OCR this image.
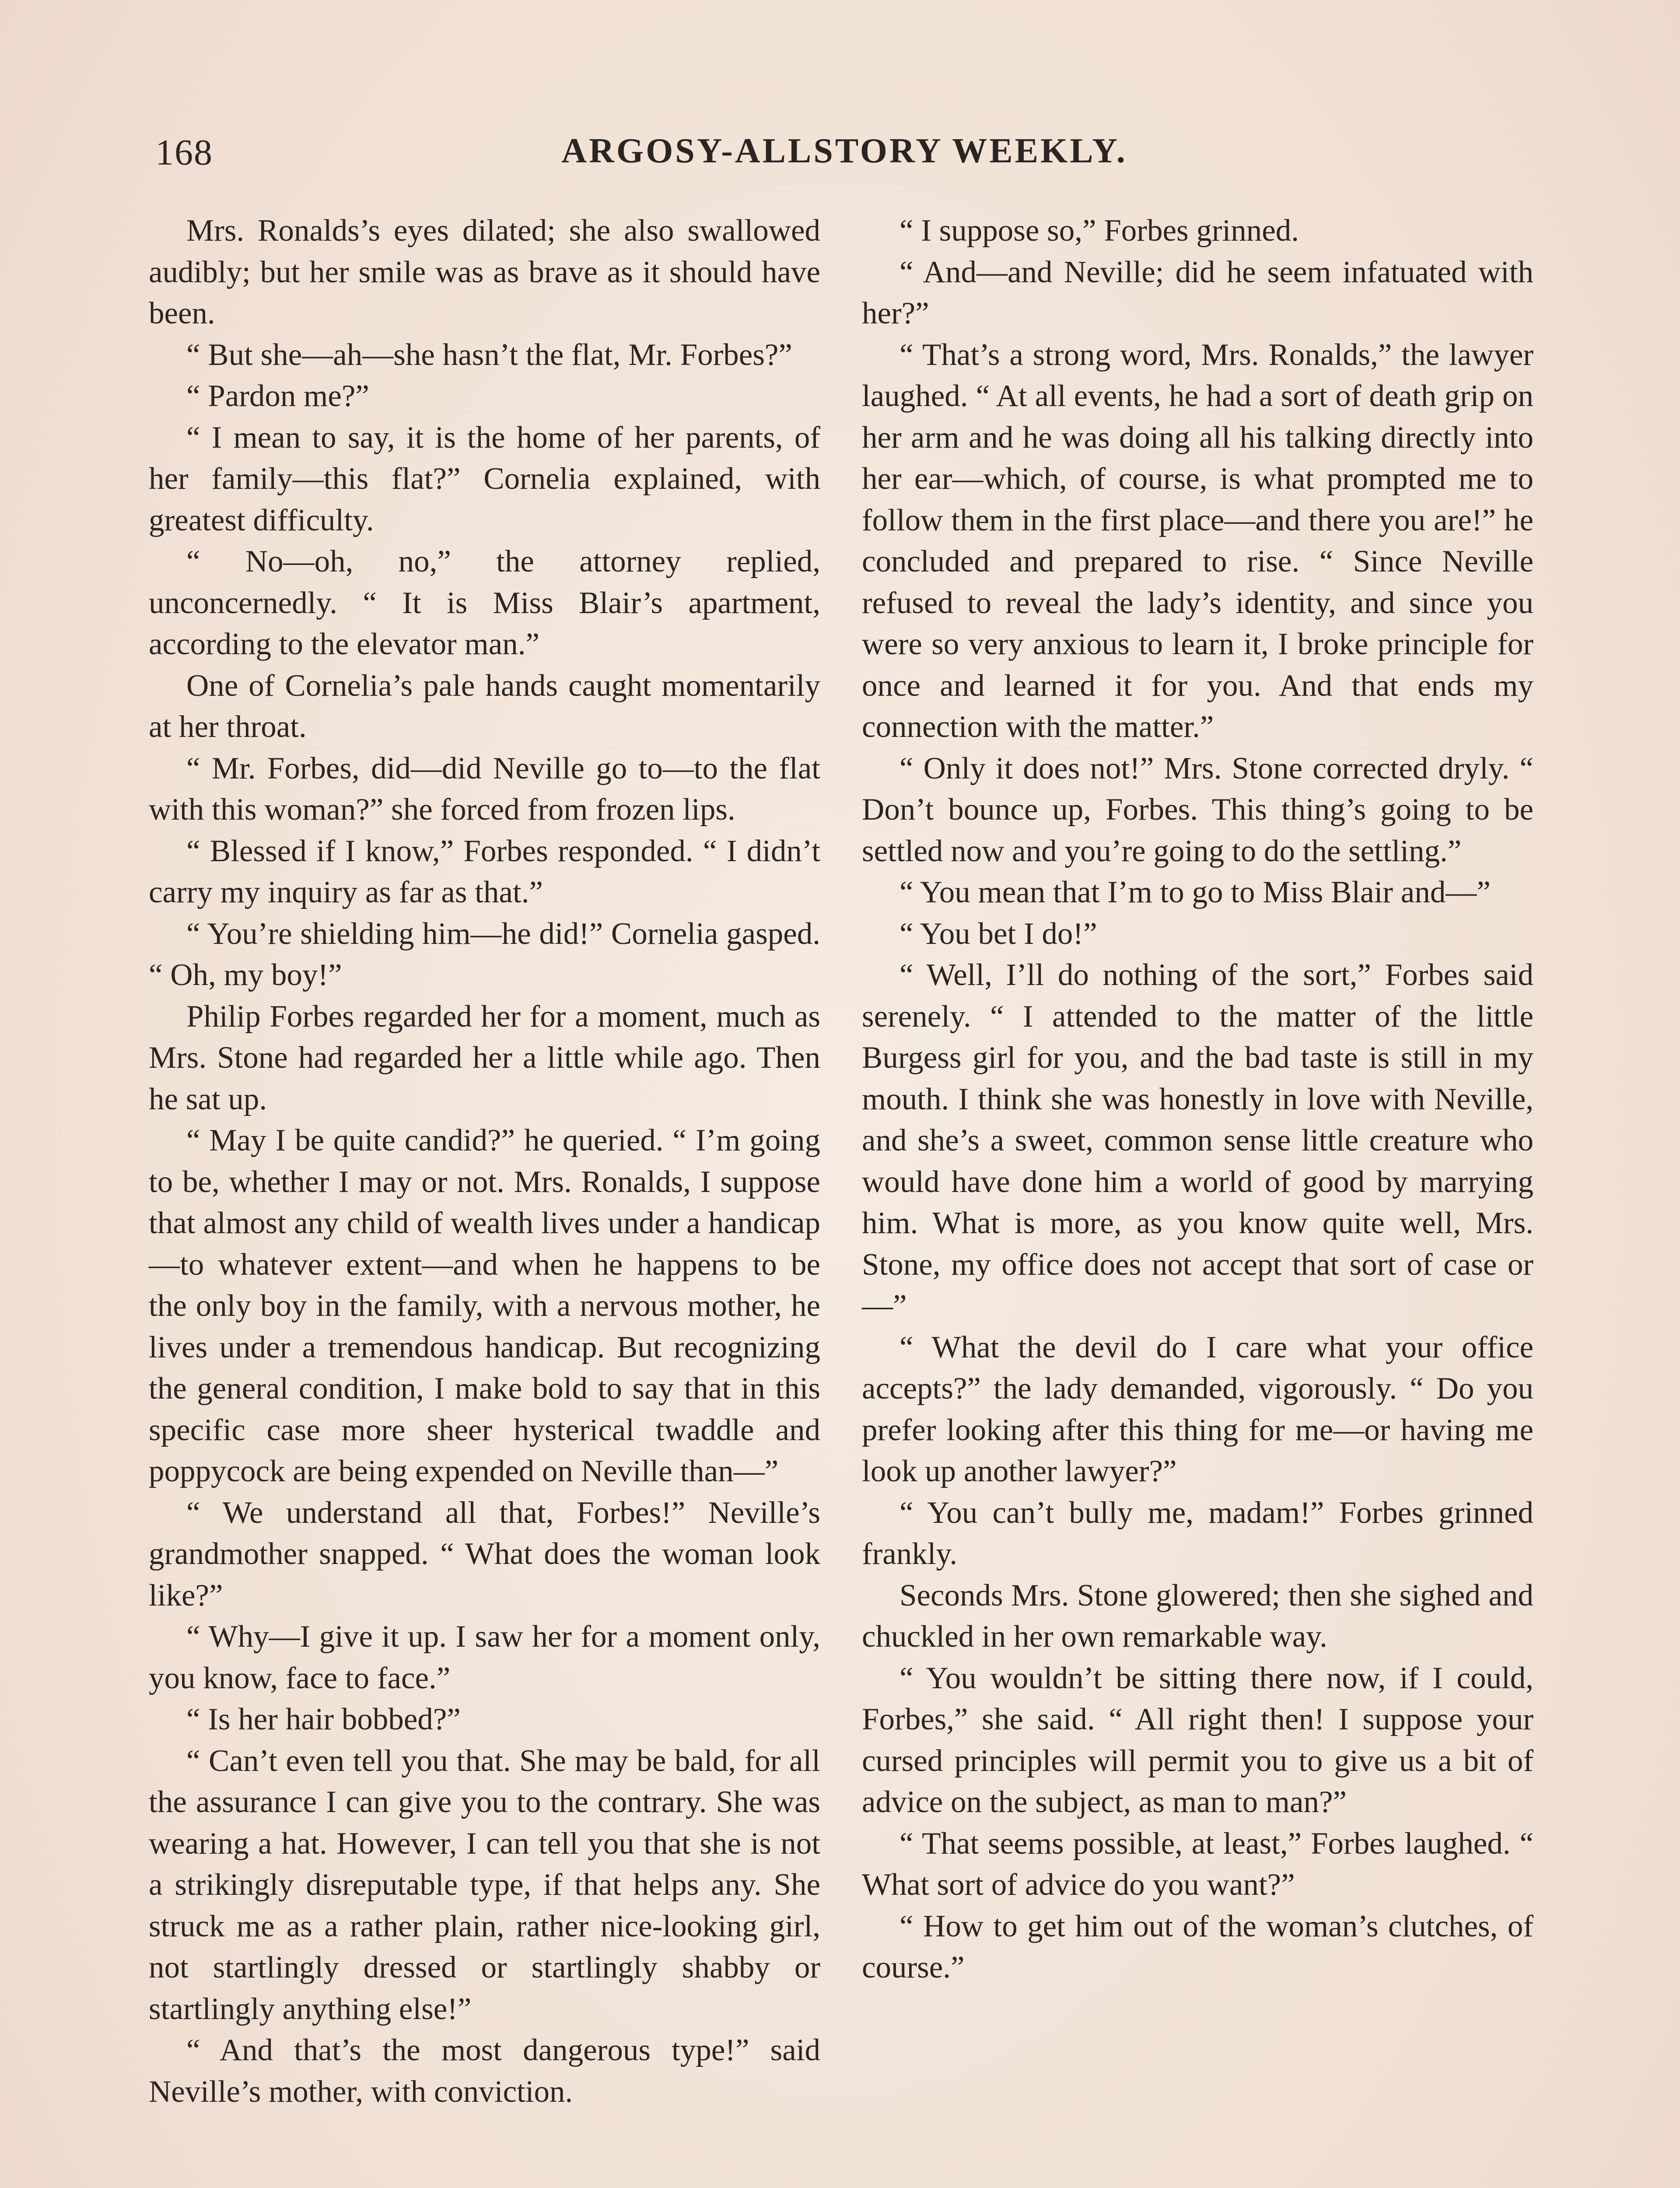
168	ARGOSY-ALLSTORY WEEKLY.

Mrs. Ronalds’s eyes dilated; she also swallowed audibly; but her smile was as brave as it should have been.

“ But she—ah—she hasn’t the flat, Mr. Forbes?”

“ Pardon me?”

“ I mean to say, it is the home of her parents, of her family—this flat?” Cornelia explained, with greatest difficulty.

“ No—oh, no,” the attorney replied, unconcernedly. “ It is Miss Blair’s apartment, according to the elevator man.”

One of Cornelia’s pale hands caught momentarily at her throat.

“ Mr. Forbes, did—did Neville go to—to the flat with this woman?” she forced from frozen lips.

“ Blessed if I know,” Forbes responded. “ I didn’t carry my inquiry as far as that.”

“ You’re shielding him—he did!” Cornelia gasped. “ Oh, my boy!”

Philip Forbes regarded her for a moment, much as Mrs. Stone had regarded her a little while ago. Then he sat up.

“ May I be quite candid?” he queried. “ I’m going to be, whether I may or not. Mrs. Ronalds, I suppose that almost any child of wealth lives under a handicap—to whatever extent—and when he happens to be the only boy in the family, with a nervous mother, he lives under a tremendous handicap. But recognizing the general condition, I make bold to say that in this specific case more sheer hysterical twaddle and poppycock are being expended on Neville than—”

“ We understand all that, Forbes!” Neville’s grandmother snapped. “ What does the woman look like?”

“ Why—I give it up. I saw her for a moment only, you know, face to face.”

“ Is her hair bobbed?”

“ Can’t even tell you that. She may be bald, for all the assurance I can give you to the contrary. She was wearing a hat. However, I can tell you that she is not a strikingly disreputable type, if that helps any. She struck me as a rather plain, rather nice-looking girl, not startlingly dressed or startlingly shabby or startlingly anything else!”

“ And that’s the most dangerous type!” said Neville’s mother, with conviction.

“ I suppose so,” Forbes grinned.

“ And—and Neville; did he seem infatuated with her?”

“ That’s a strong word, Mrs. Ronalds,” the lawyer laughed. “ At all events, he had a sort of death grip on her arm and he was doing all his talking directly into her ear—which, of course, is what prompted me to follow them in the first place—and there you are!” he concluded and prepared to rise. “ Since Neville refused to reveal the lady’s identity, and since you were so very anxious to learn it, I broke principle for once and learned it for you. And that ends my connection with the matter.”

“ Only it does not!” Mrs. Stone corrected dryly. “ Don’t bounce up, Forbes. This thing’s going to be settled now and you’re going to do the settling.”

“ You mean that I’m to go to Miss Blair and—”

“ You bet I do!”

“ Well, I’ll do nothing of the sort,” Forbes said serenely. “ I attended to the matter of the little Burgess girl for you, and the bad taste is still in my mouth. I think she was honestly in love with Neville, and she’s a sweet, common sense little creature who would have done him a world of good by marrying him. What is more, as you know quite well, Mrs. Stone, my office does not accept that sort of case or—”

“ What the devil do I care what your office accepts?” the lady demanded, vigorously. “ Do you prefer looking after this thing for me—or having me look up another lawyer?”

“ You can’t bully me, madam!” Forbes grinned frankly.

Seconds Mrs. Stone glowered; then she sighed and chuckled in her own remarkable way.

“ You wouldn’t be sitting there now, if I could, Forbes,” she said. “ All right then! I suppose your cursed principles will permit you to give us a bit of advice on the subject, as man to man?”

“ That seems possible, at least,” Forbes laughed. “ What sort of advice do you want?”

“ How to get him out of the woman’s clutches, of course.”
